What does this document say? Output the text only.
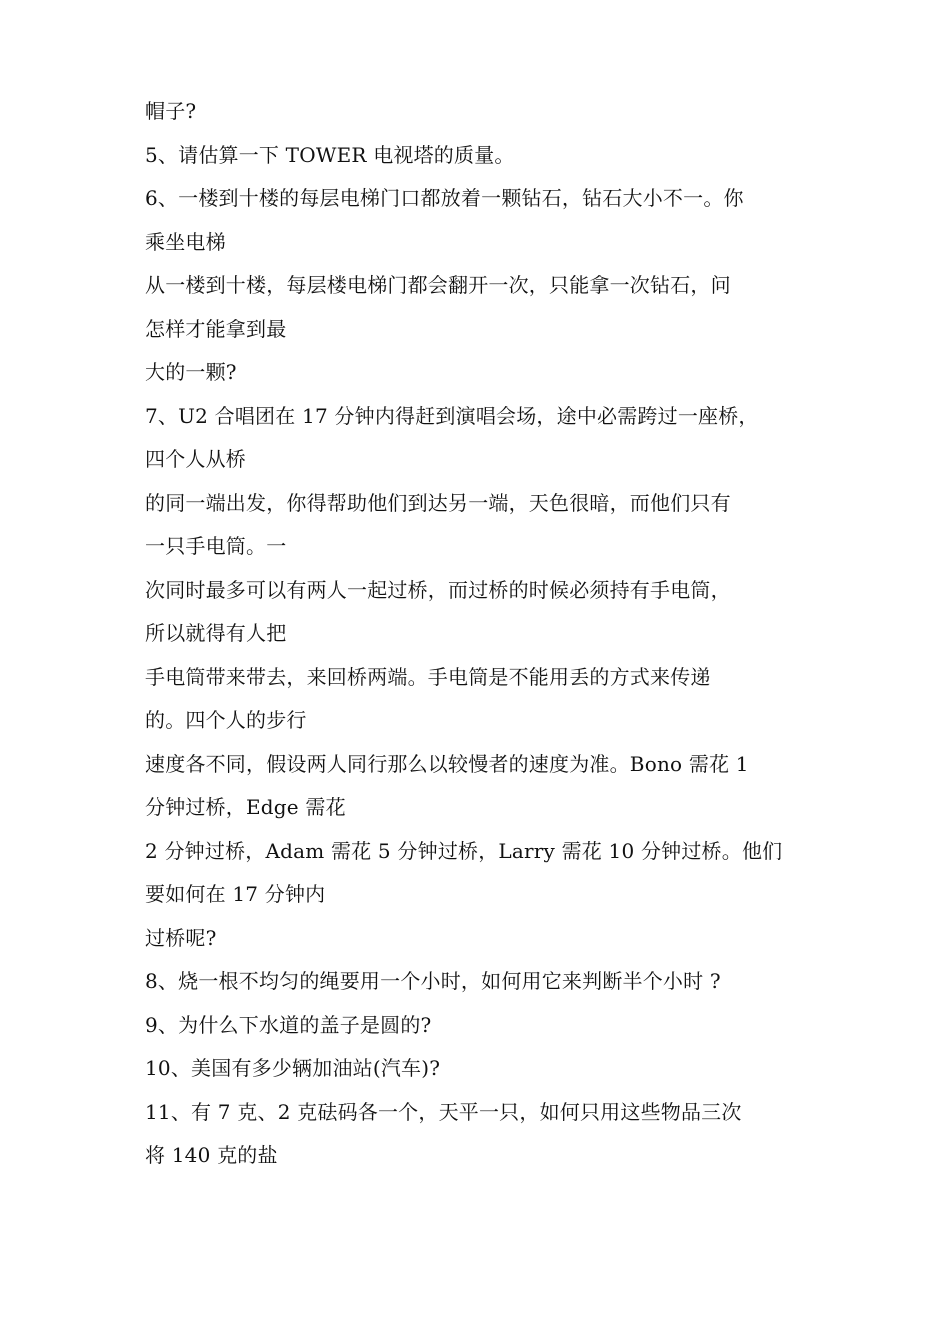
帽子?
5、请估算一下 TOWER 电视塔的质量。
6、一楼到十楼的每层电梯门口都放着一颗钻石，钻石大小不一。你
乘坐电梯
从一楼到十楼，每层楼电梯门都会翻开一次，只能拿一次钻石，问
怎样才能拿到最
大的一颗?
7、U2 合唱团在 17 分钟内得赶到演唱会场，途中必需跨过一座桥，
四个人从桥
的同一端出发，你得帮助他们到达另一端，天色很暗，而他们只有
一只手电筒。一
次同时最多可以有两人一起过桥，而过桥的时候必须持有手电筒，
所以就得有人把
手电筒带来带去，来回桥两端。手电筒是不能用丢的方式来传递
的。四个人的步行
速度各不同，假设两人同行那么以较慢者的速度为准。Bono 需花 1
分钟过桥，Edge 需花
2 分钟过桥，Adam 需花 5 分钟过桥，Larry 需花 10 分钟过桥。他们
要如何在 17 分钟内
过桥呢?
8、烧一根不均匀的绳要用一个小时，如何用它来判断半个小时 ?
9、为什么下水道的盖子是圆的?
10、美国有多少辆加油站(汽车)?
11、有 7 克、2 克砝码各一个，天平一只，如何只用这些物品三次
将 140 克的盐
